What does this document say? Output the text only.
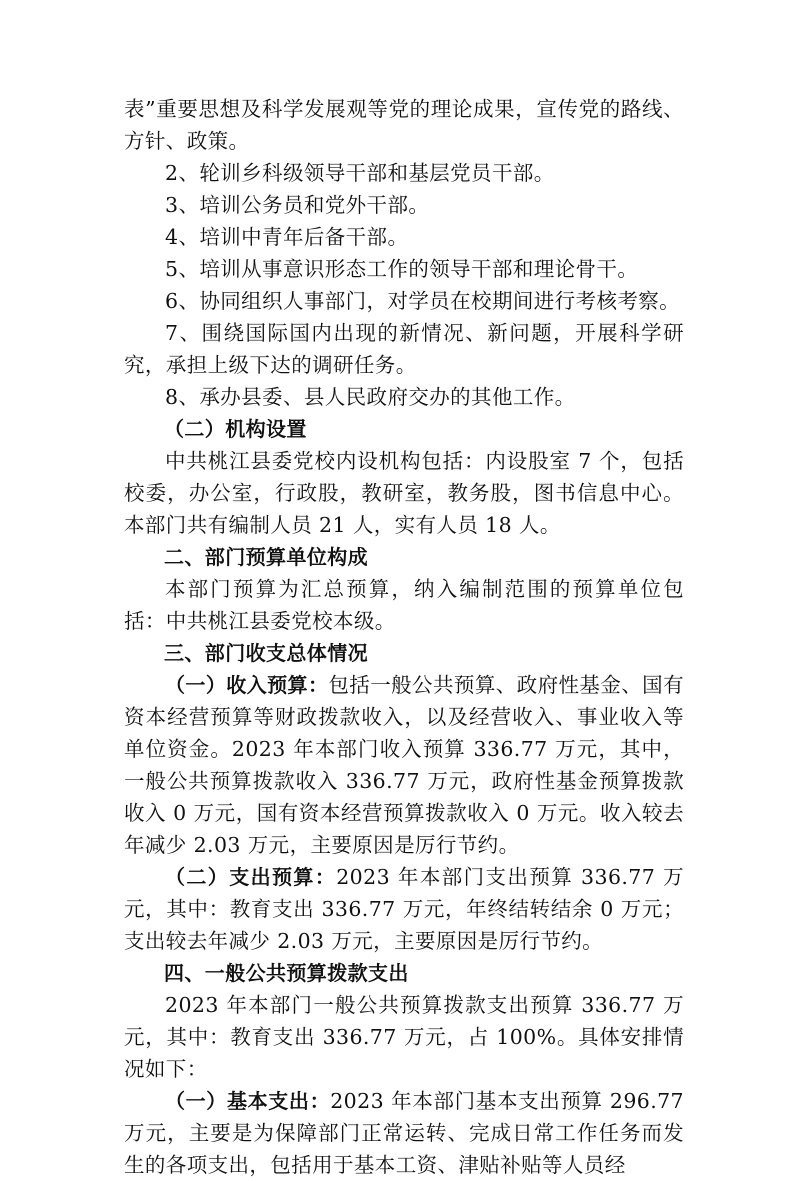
表”重要思想及科学发展观等党的理论成果，宣传党的路线、方针、政策。

2、轮训乡科级领导干部和基层党员干部。

3、培训公务员和党外干部。

4、培训中青年后备干部。

5、培训从事意识形态工作的领导干部和理论骨干。

6、协同组织人事部门，对学员在校期间进行考核考察。

7、围绕国际国内出现的新情况、新问题，开展科学研究，承担上级下达的调研任务。

8、承办县委、县人民政府交办的其他工作。

（二）机构设置

中共桃江县委党校内设机构包括：内设股室 7 个，包括校委，办公室，行政股，教研室，教务股，图书信息中心。本部门共有编制人员 21 人，实有人员 18 人。

二、部门预算单位构成

本部门预算为汇总预算，纳入编制范围的预算单位包括：中共桃江县委党校本级。

三、部门收支总体情况

（一）收入预算：包括一般公共预算、政府性基金、国有资本经营预算等财政拨款收入，以及经营收入、事业收入等单位资金。2023 年本部门收入预算 336.77 万元，其中，一般公共预算拨款收入 336.77 万元，政府性基金预算拨款收入 0 万元，国有资本经营预算拨款收入 0 万元。收入较去年减少 2.03 万元，主要原因是厉行节约。

（二）支出预算：2023 年本部门支出预算 336.77 万元，其中：教育支出 336.77 万元，年终结转结余 0 万元；支出较去年减少 2.03 万元，主要原因是厉行节约。

四、一般公共预算拨款支出

2023 年本部门一般公共预算拨款支出预算 336.77 万元，其中：教育支出 336.77 万元，占 100%。具体安排情况如下：

（一）基本支出：2023 年本部门基本支出预算 296.77 万元，主要是为保障部门正常运转、完成日常工作任务而发生的各项支出，包括用于基本工资、津贴补贴等人员经
